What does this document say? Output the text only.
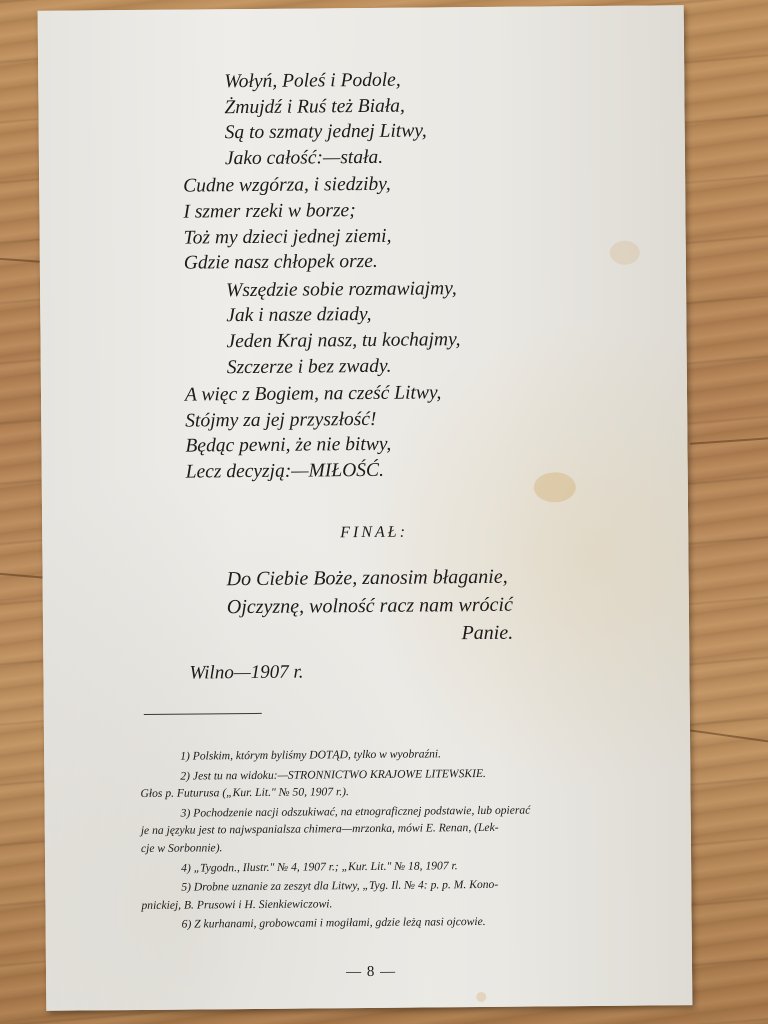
Wołyń, Poleś i Podole,
Żmujdź i Ruś też Biała,
Są to szmaty jednej Litwy,
Jako całość:—stała.
Cudne wzgórza, i siedziby,
I szmer rzeki w borze;
Toż my dzieci jednej ziemi,
Gdzie nasz chłopek orze.
Wszędzie sobie rozmawiajmy,
Jak i nasze dziady,
Jeden Kraj nasz, tu kochajmy,
Szczerze i bez zwady.
A więc z Bogiem, na cześć Litwy,
Stójmy za jej przyszłość!
Będąc pewni, że nie bitwy,
Lecz decyzją:—MIŁOŚĆ.
FINAŁ:
Do Ciebie Boże, zanosim błaganie,
Ojczyznę, wolność racz nam wrócić
Panie.
Wilno—1907 r.
1) Polskim, którym byliśmy DOTĄD, tylko w wyobraźni.
2) Jest tu na widoku:—STRONNICTWO KRAJOWE LITEWSKIE.
Głos p. Futurusa („Kur. Lit." № 50, 1907 r.).
3) Pochodzenie nacji odszukiwać, na etnograficznej podstawie, lub opierać
je na języku jest to najwspanialsza chimera—mrzonka, mówi E. Renan, (Lek-
cje w Sorbonnie).
4) „Tygodn., Ilustr." № 4, 1907 r.; „Kur. Lit." № 18, 1907 r.
5) Drobne uznanie za zeszyt dla Litwy, „Tyg. Il. № 4: p. p. M. Kono-
pnickiej, B. Prusowi i H. Sienkiewiczowi.
6) Z kurhanami, grobowcami i mogiłami, gdzie leżą nasi ojcowie.
— 8 —
